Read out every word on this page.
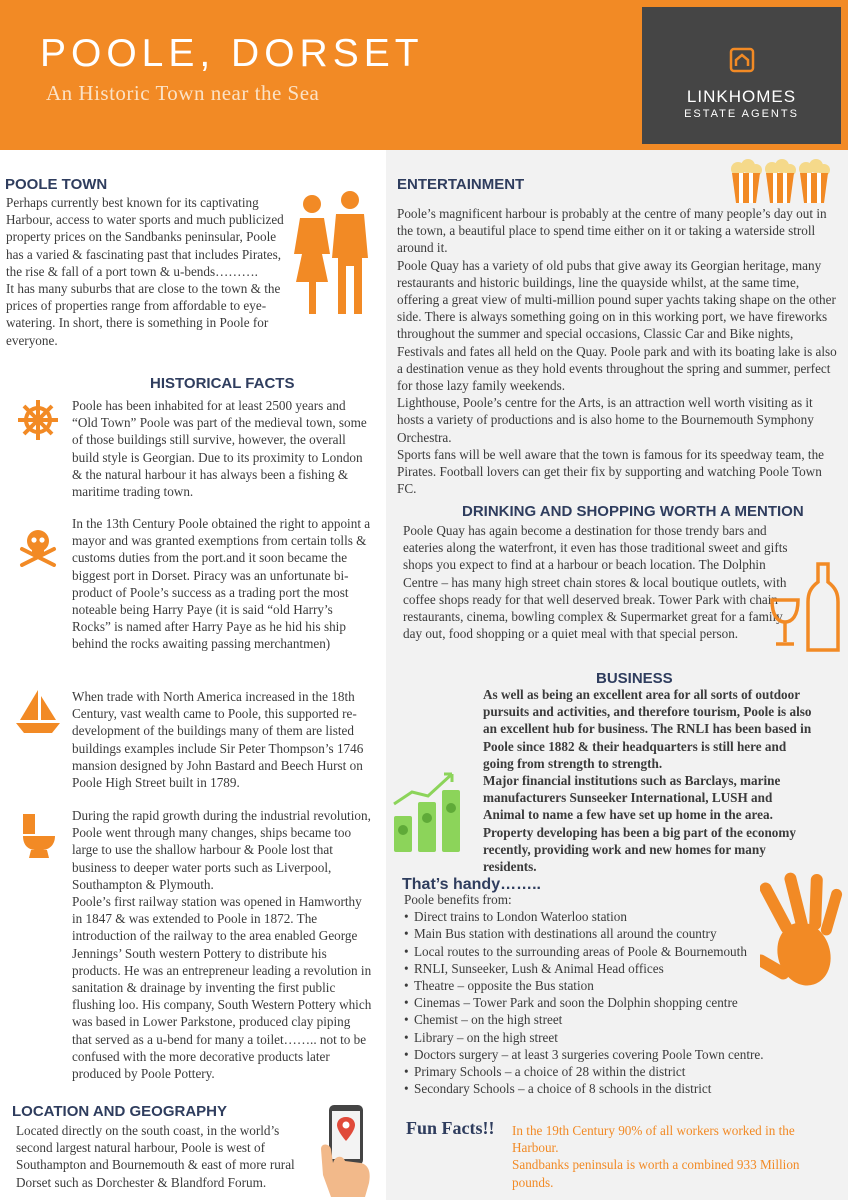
POOLE, DORSET
An Historic Town near the Sea	LINKHOMES
ESTATE AGENTS
POOLE TOWN

Perhaps currently best known for its captivating Harbour, access to water sports and much publicized property prices on the Sandbanks peninsular, Poole has a varied & fascinating past that includes Pirates, the rise & fall of a port town & u-bends……….

It has many suburbs that are close to the town & the prices of properties range from affordable to eye-watering. In short, there is something in Poole for everyone.

HISTORICAL FACTS
Poole has been inhabited for at least 2500 years and “Old Town” Poole was part of the medieval town, some of those buildings still survive, however, the overall build style is Georgian. Due to its proximity to London & the natural harbour it has always been a fishing & maritime trading town.
In the 13th Century Poole obtained the right to appoint a mayor and was granted exemptions from certain tolls & customs duties from the port.and it soon became the biggest port in Dorset. Piracy was an unfortunate bi-product of Poole’s success as a trading port the most noteable being Harry Paye (it is said “old Harry’s Rocks” is named after Harry Paye as he hid his ship behind the rocks awaiting passing merchantmen)
When trade with North America increased in the 18th Century, vast wealth came to Poole, this supported re-development of the buildings many of them are listed buildings examples include Sir Peter Thompson’s 1746 mansion designed by John Bastard and Beech Hurst on Poole High Street built in 1789.

During the rapid growth during the industrial revolution, Poole went through many changes, ships became too large to use the shallow harbour & Poole lost that business to deeper water ports such as Liverpool, Southampton & Plymouth.

Poole’s first railway station was opened in Hamworthy in 1847 & was extended to Poole in 1872. The introduction of the railway to the area enabled George Jennings’ South western Pottery to distribute his products. He was an entrepreneur leading a revolution in sanitation & drainage by inventing the first public flushing loo. His company, South Western Pottery which was based in Lower Parkstone, produced clay piping that served as a u-bend for many a toilet…….. not to be confused with the more decorative products later produced by Poole Pottery.

LOCATION AND GEOGRAPHY
Located directly on the south coast, in the world’s second largest natural harbour, Poole is west of Southampton and Bournemouth & east of more rural Dorset such as Dorchester & Blandford Forum.
ENTERTAINMENT

Poole’s magnificent harbour is probably at the centre of many people’s day out in the town, a beautiful place to spend time either on it or taking a waterside stroll around it.

Poole Quay has a variety of old pubs that give away its Georgian heritage, many restaurants and historic buildings, line the quayside whilst, at the same time, offering a great view of multi-million pound super yachts taking shape on the other side. There is always something going on in this working port, we have fireworks throughout the summer and special occasions, Classic Car and Bike nights, Festivals and fates all held on the Quay. Poole park and with its boating lake is also a destination venue as they hold events throughout the spring and summer, perfect for those lazy family weekends.

Lighthouse, Poole’s centre for the Arts, is an attraction well worth visiting as it hosts a variety of productions and is also home to the Bournemouth Symphony Orchestra.

Sports fans will be well aware that the town is famous for its speedway team, the Pirates. Football lovers can get their fix by supporting and watching Poole Town FC.

DRINKING AND SHOPPING WORTH A MENTION
Poole Quay has again become a destination for those trendy bars and eateries along the waterfront, it even has those traditional sweet and gifts shops you expect to find at a harbour or beach location. The Dolphin Centre – has many high street chain stores & local boutique outlets, with coffee shops ready for that well deserved break. Tower Park with chain restaurants, cinema, bowling complex & Supermarket great for a family day out, food shopping or a quiet meal with that special person.
BUSINESS

As well as being an excellent area for all sorts of outdoor pursuits and activities, and therefore tourism, Poole is also an excellent hub for business. The RNLI has been based in Poole since 1882 & their headquarters is still here and going from strength to strength.

Major financial institutions such as Barclays, marine manufacturers Sunseeker International, LUSH and Animal to name a few have set up home in the area. Property developing has been a big part of the economy recently, providing work and new homes for many residents.

That’s handy……..

Poole benefits from:

• Direct trains to London Waterloo station
• Main Bus station with destinations all around the country
• Local routes to the surrounding areas of Poole & Bournemouth
• RNLI, Sunseeker, Lush & Animal Head offices
• Theatre – opposite the Bus station
• Cinemas – Tower Park and soon the Dolphin shopping centre
• Chemist – on the high street
• Library – on the high street
• Doctors surgery – at least 3 surgeries covering Poole Town centre.
• Primary Schools – a choice of 28 within the district
• Secondary Schools – a choice of 8 schools in the district
Fun Facts!! In the 19th Century 90% of all workers worked in the Harbour.

Sandbanks peninsula is worth a combined 933 Million pounds.
